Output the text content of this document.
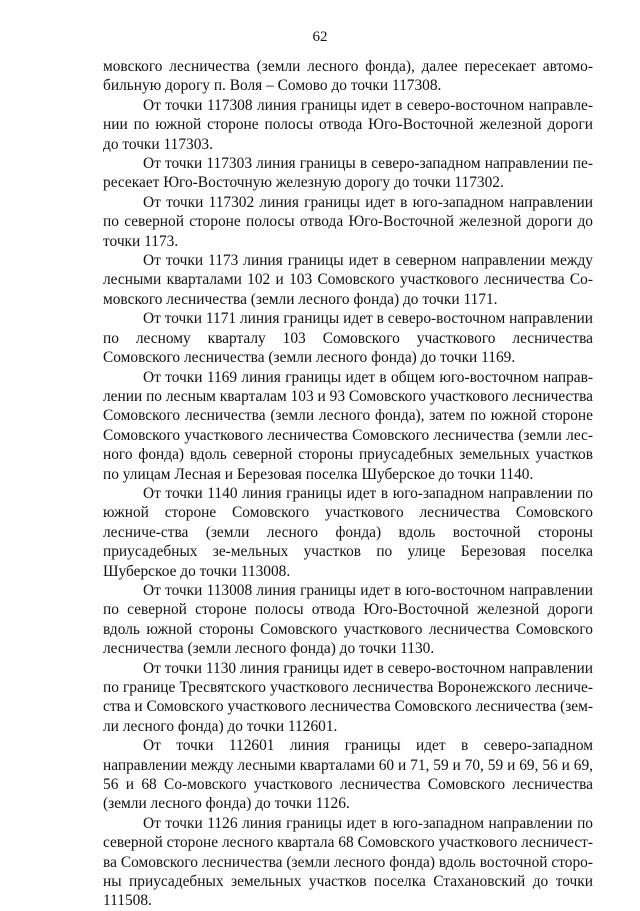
62

мовского лесничества (земли лесного фонда), далее пересекает автомо-бильную дорогу п. Воля – Сомово до точки 117308.

От точки 117308 линия границы идет в северо-восточном направле-нии по южной стороне полосы отвода Юго-Восточной железной дороги до точки 117303.

От точки 117303 линия границы в северо-западном направлении пе-ресекает Юго-Восточную железную дорогу до точки 117302.

От точки 117302 линия границы идет в юго-западном направлении по северной стороне полосы отвода Юго-Восточной железной дороги до точки 1173.

От точки 1173 линия границы идет в северном направлении между лесными кварталами 102 и 103 Сомовского участкового лесничества Со-мовского лесничества (земли лесного фонда) до точки 1171.

От точки 1171 линия границы идет в северо-восточном направлении по лесному кварталу 103 Сомовского участкового лесничества Сомовского лесничества (земли лесного фонда) до точки 1169.

От точки 1169 линия границы идет в общем юго-восточном направ-лении по лесным кварталам 103 и 93 Сомовского участкового лесничества Сомовского лесничества (земли лесного фонда), затем по южной стороне Сомовского участкового лесничества Сомовского лесничества (земли лес-ного фонда) вдоль северной стороны приусадебных земельных участков по улицам Лесная и Березовая поселка Шуберское до точки 1140.

От точки 1140 линия границы идет в юго-западном направлении по южной стороне Сомовского участкового лесничества Сомовского лесниче-ства (земли лесного фонда) вдоль восточной стороны приусадебных зе-мельных участков по улице Березовая поселка Шуберское до точки 113008.

От точки 113008 линия границы идет в юго-восточном направлении по северной стороне полосы отвода Юго-Восточной железной дороги вдоль южной стороны Сомовского участкового лесничества Сомовского лесничества (земли лесного фонда) до точки 1130.

От точки 1130 линия границы идет в северо-восточном направлении по границе Тресвятского участкового лесничества Воронежского лесниче-ства и Сомовского участкового лесничества Сомовского лесничества (зем-ли лесного фонда) до точки 112601.

От точки 112601 линия границы идет в северо-западном направлении между лесными кварталами 60 и 71, 59 и 70, 59 и 69, 56 и 69, 56 и 68 Со-мовского участкового лесничества Сомовского лесничества (земли лесного фонда) до точки 1126.

От точки 1126 линия границы идет в юго-западном направлении по северной стороне лесного квартала 68 Сомовского участкового лесничест-ва Сомовского лесничества (земли лесного фонда) вдоль восточной сторо-ны приусадебных земельных участков поселка Стахановский до точки 111508.
